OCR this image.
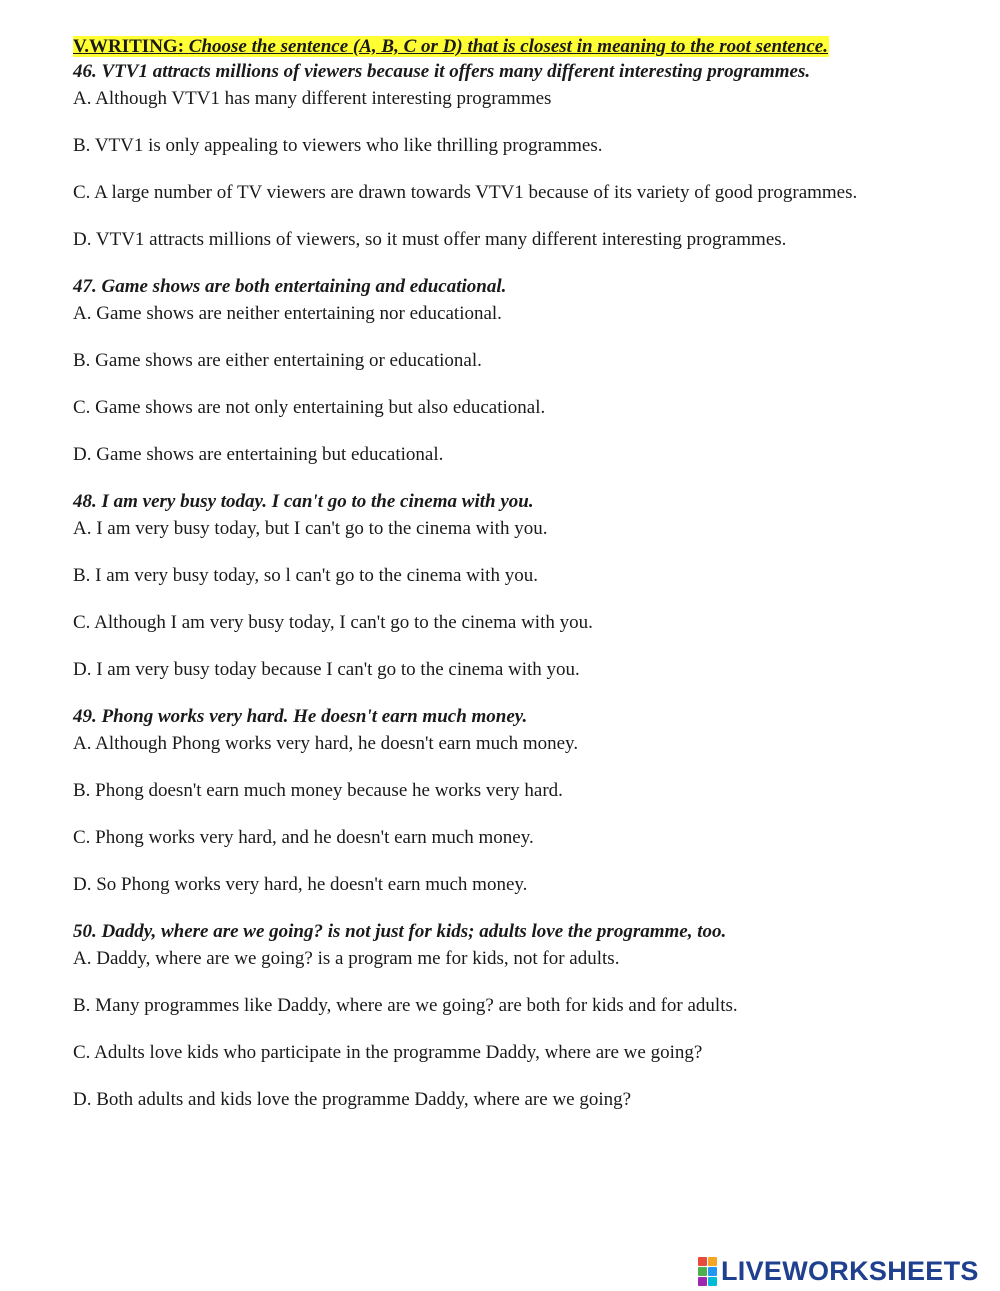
V.WRITING: Choose the sentence (A, B, C or D) that is closest in meaning to the root sentence.
46. VTV1 attracts millions of viewers because it offers many different interesting programmes.
A. Although VTV1 has many different interesting programmes
B. VTV1 is only appealing to viewers who like thrilling programmes.
C. A large number of TV viewers are drawn towards VTV1 because of its variety of good programmes.
D. VTV1 attracts millions of viewers, so it must offer many different interesting programmes.
47. Game shows are both entertaining and educational.
A. Game shows are neither entertaining nor educational.
B. Game shows are either entertaining or educational.
C. Game shows are not only entertaining but also educational.
D. Game shows are entertaining but educational.
48. I am very busy today. I can't go to the cinema with you.
A. I am very busy today, but I can't go to the cinema with you.
B. I am very busy today, so l can't go to the cinema with you.
C. Although I am very busy today, I can't go to the cinema with you.
D. I am very busy today because I can't go to the cinema with you.
49. Phong works very hard. He doesn't earn much money.
A. Although Phong works very hard, he doesn't earn much money.
B. Phong doesn't earn much money because he works very hard.
C. Phong works very hard, and he doesn't earn much money.
D. So Phong works very hard, he doesn't earn much money.
50. Daddy, where are we going? is not just for kids; adults love the programme, too.
A. Daddy, where are we going? is a program me for kids, not for adults.
B. Many programmes like Daddy, where are we going? are both for kids and for adults.
C. Adults love kids who participate in the programme Daddy, where are we going?
D. Both adults and kids love the programme Daddy, where are we going?
LIVEWORKSHEETS
